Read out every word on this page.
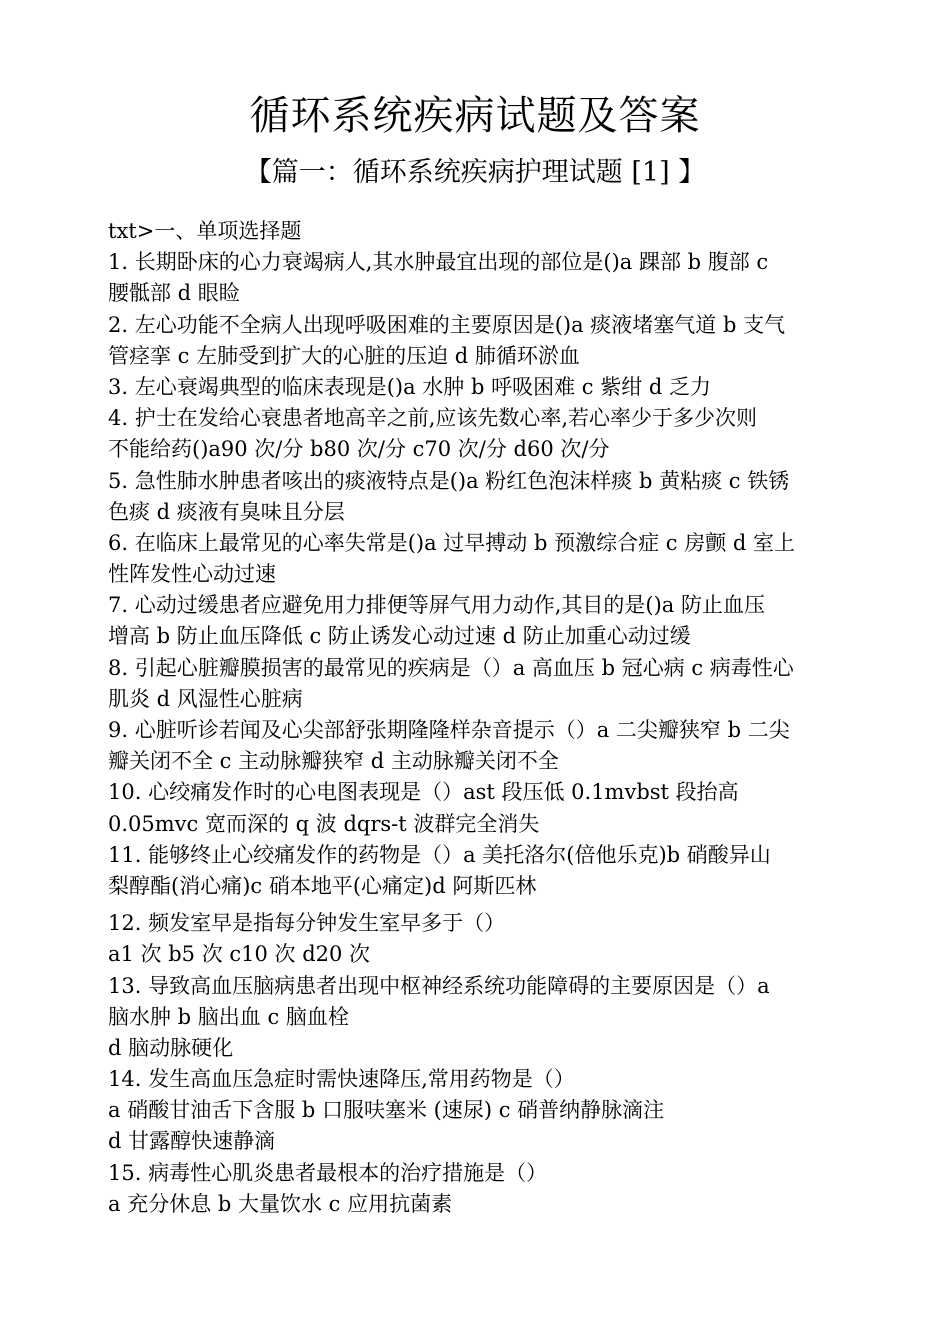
循环系统疾病试题及答案
【篇一：循环系统疾病护理试题 [1] 】
txt>一、单项选择题
1. 长期卧床的心力衰竭病人,其水肿最宜出现的部位是()a 踝部 b 腹部 c
腰骶部 d 眼睑
2. 左心功能不全病人出现呼吸困难的主要原因是()a 痰液堵塞气道 b 支气
管痉挛 c 左肺受到扩大的心脏的压迫 d 肺循环淤血
3. 左心衰竭典型的临床表现是()a 水肿 b 呼吸困难 c 紫绀 d 乏力
4. 护士在发给心衰患者地高辛之前,应该先数心率,若心率少于多少次则
不能给药()a90 次/分 b80 次/分 c70 次/分 d60 次/分
5. 急性肺水肿患者咳出的痰液特点是()a 粉红色泡沫样痰 b 黄粘痰 c 铁锈
色痰 d 痰液有臭味且分层
6. 在临床上最常见的心率失常是()a 过早搏动 b 预激综合症 c 房颤 d 室上
性阵发性心动过速
7. 心动过缓患者应避免用力排便等屏气用力动作,其目的是()a 防止血压
增高 b 防止血压降低 c 防止诱发心动过速 d 防止加重心动过缓
8. 引起心脏瓣膜损害的最常见的疾病是（）a 高血压 b 冠心病 c 病毒性心
肌炎 d 风湿性心脏病
9. 心脏听诊若闻及心尖部舒张期隆隆样杂音提示（）a 二尖瓣狭窄 b 二尖
瓣关闭不全 c 主动脉瓣狭窄 d 主动脉瓣关闭不全
10. 心绞痛发作时的心电图表现是（）ast 段压低 0.1mvbst 段抬高
0.05mvc 宽而深的 q 波 dqrs-t 波群完全消失
11. 能够终止心绞痛发作的药物是（）a 美托洛尔(倍他乐克)b 硝酸异山
梨醇酯(消心痛)c 硝本地平(心痛定)d 阿斯匹林
12. 频发室早是指每分钟发生室早多于（）
a1 次 b5 次 c10 次 d20 次
13. 导致高血压脑病患者出现中枢神经系统功能障碍的主要原因是（）a
脑水肿 b 脑出血 c 脑血栓
d 脑动脉硬化
14. 发生高血压急症时需快速降压,常用药物是（）
a 硝酸甘油舌下含服 b 口服呋塞米 (速尿) c 硝普纳静脉滴注
d 甘露醇快速静滴
15. 病毒性心肌炎患者最根本的治疗措施是（）
a 充分休息 b 大量饮水 c 应用抗菌素
